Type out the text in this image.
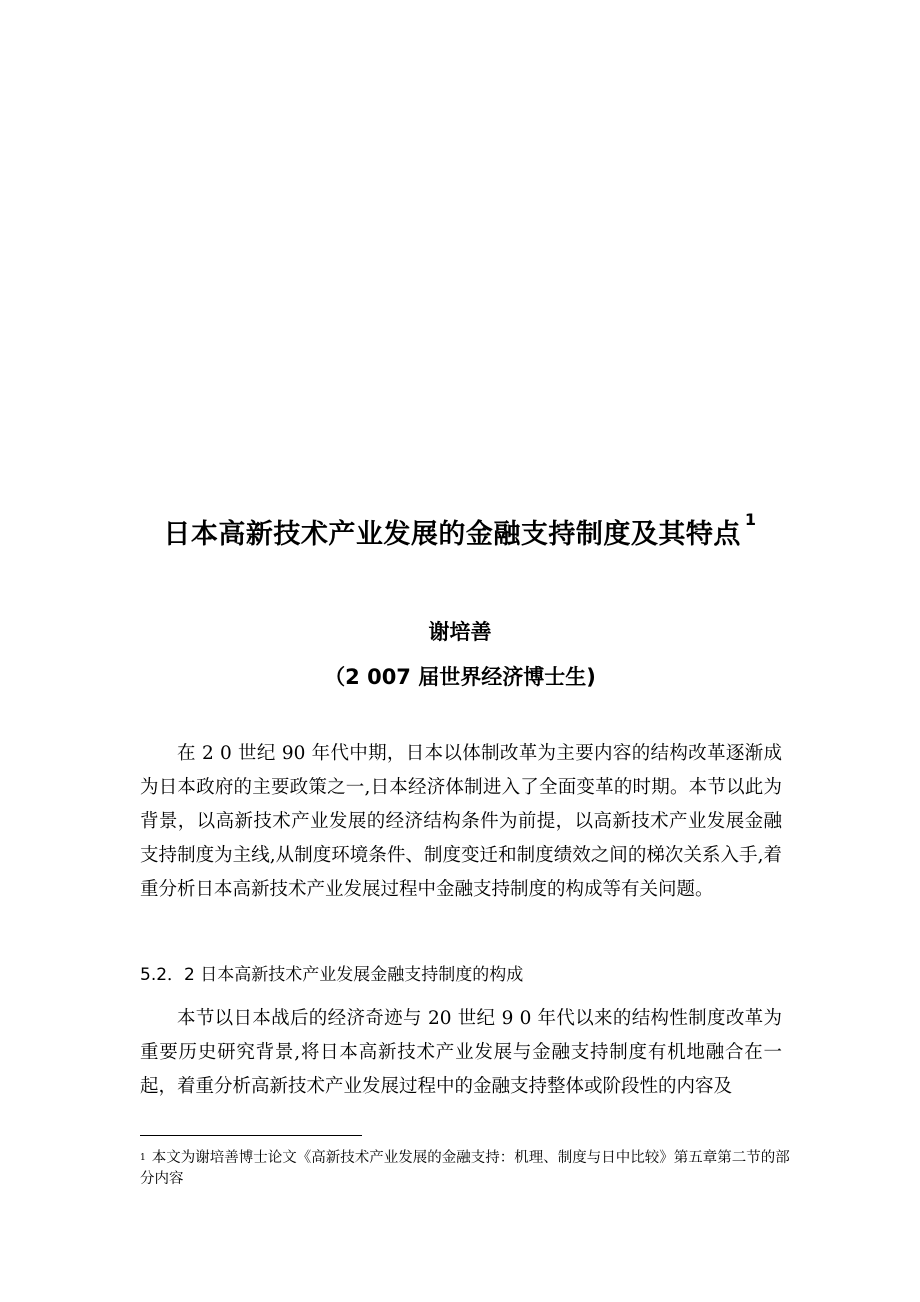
日本高新技术产业发展的金融支持制度及其特点 $^1$
谢培善
（2 007 届世界经济博士生)

在 2 0 世纪 90 年代中期，日本以体制改革为主要内容的结构改革逐渐成为日本政府的主要政策之一,日本经济体制进入了全面变革的时期。本节以此为背景，以高新技术产业发展的经济结构条件为前提，以高新技术产业发展金融支持制度为主线,从制度环境条件、制度变迁和制度绩效之间的梯次关系入手,着重分析日本高新技术产业发展过程中金融支持制度的构成等有关问题。

5.2．2 日本高新技术产业发展金融支持制度的构成

本节以日本战后的经济奇迹与 20 世纪 9 0 年代以来的结构性制度改革为重要历史研究背景,将日本高新技术产业发展与金融支持制度有机地融合在一起，着重分析高新技术产业发展过程中的金融支持整体或阶段性的内容及

$^1$ 本文为谢培善博士论文《高新技术产业发展的金融支持：机理、制度与日中比较》第五章第二节的部分内容
